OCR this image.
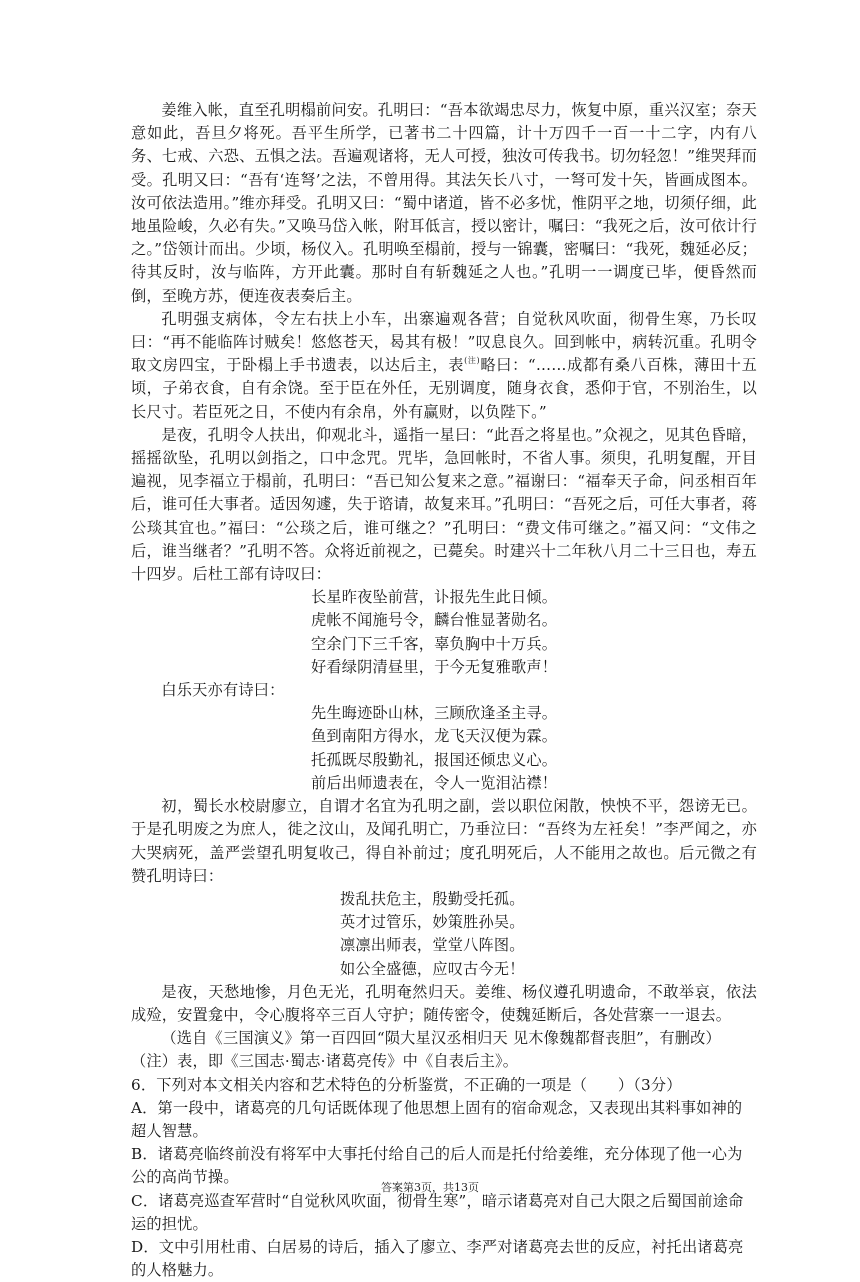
姜维入帐，直至孔明榻前问安。孔明曰：“吾本欲竭忠尽力，恢复中原，重兴汉室；奈天意如此，吾旦夕将死。吾平生所学，已著书二十四篇，计十万四千一百一十二字，内有八务、七戒、六恐、五惧之法。吾遍观诸将，无人可授，独汝可传我书。切勿轻忽！”维哭拜而受。孔明又曰：“吾有‘连弩’之法，不曾用得。其法矢长八寸，一弩可发十矢，皆画成图本。汝可依法造用。”维亦拜受。孔明又曰：“蜀中诸道，皆不必多忧，惟阴平之地，切须仔细，此地虽险峻，久必有失。”又唤马岱入帐，附耳低言，授以密计，嘱曰：“我死之后，汝可依计行之。”岱领计而出。少顷，杨仪入。孔明唤至榻前，授与一锦囊，密嘱曰：“我死，魏延必反；待其反时，汝与临阵，方开此囊。那时自有斩魏延之人也。”孔明一一调度已毕，便昏然而倒，至晚方苏，便连夜表奏后主。

孔明强支病体，令左右扶上小车，出寨遍观各营；自觉秋风吹面，彻骨生寒，乃长叹曰：“再不能临阵讨贼矣！悠悠苍天，曷其有极！”叹息良久。回到帐中，病转沉重。孔明令取文房四宝，于卧榻上手书遗表，以达后主，表$^{(注)}$略曰：“……成都有桑八百株，薄田十五顷，子弟衣食，自有余饶。至于臣在外任，无别调度，随身衣食，悉仰于官，不别治生，以长尺寸。若臣死之日，不使内有余帛，外有赢财，以负陛下。”

是夜，孔明令人扶出，仰观北斗，遥指一星曰：“此吾之将星也。”众视之，见其色昏暗，摇摇欲坠，孔明以剑指之，口中念咒。咒毕，急回帐时，不省人事。须臾，孔明复醒，开目遍视，见李福立于榻前，孔明曰：“吾已知公复来之意。”福谢曰：“福奉天子命，问丞相百年后，谁可任大事者。适因匆遽，失于谘请，故复来耳。”孔明曰：“吾死之后，可任大事者，蒋公琰其宜也。”福曰：“公琰之后，谁可继之？”孔明曰：“费文伟可继之。”福又问：“文伟之后，谁当继者？”孔明不答。众将近前视之，已薨矣。时建兴十二年秋八月二十三日也，寿五十四岁。后杜工部有诗叹曰：

长星昨夜坠前营，讣报先生此日倾。
虎帐不闻施号令，麟台惟显著勋名。
空余门下三千客，辜负胸中十万兵。
好看绿阴清昼里，于今无复雅歌声！

白乐天亦有诗曰：

先生晦迹卧山林，三顾欣逢圣主寻。
鱼到南阳方得水，龙飞天汉便为霖。
托孤既尽殷勤礼，报国还倾忠义心。
前后出师遗表在，令人一览泪沾襟！

初，蜀长水校尉廖立，自谓才名宜为孔明之副，尝以职位闲散，怏怏不平，怨谤无已。于是孔明废之为庶人，徙之汶山，及闻孔明亡，乃垂泣曰：“吾终为左衽矣！”李严闻之，亦大哭病死，盖严尝望孔明复收己，得自补前过；度孔明死后，人不能用之故也。后元微之有赞孔明诗曰：

拨乱扶危主，殷勤受托孤。
英才过管乐，妙策胜孙吴。
凛凛出师表，堂堂八阵图。
如公全盛德，应叹古今无！

是夜，天愁地惨，月色无光，孔明奄然归天。姜维、杨仪遵孔明遗命，不敢举哀，依法成殓，安置龛中，令心腹将卒三百人守护；随传密令，使魏延断后，各处营寨一一退去。

（选自《三国演义》第一百四回“陨大星汉丞相归天 见木像魏都督丧胆”，有删改）

（注）表，即《三国志·蜀志·诸葛亮传》中《自表后主》。

6．下列对本文相关内容和艺术特色的分析鉴赏，不正确的一项是（　　）（3分）

A．第一段中，诸葛亮的几句话既体现了他思想上固有的宿命观念，又表现出其料事如神的超人智慧。

B．诸葛亮临终前没有将军中大事托付给自己的后人而是托付给姜维，充分体现了他一心为公的高尚节操。

C．诸葛亮巡查军营时“自觉秋风吹面，彻骨生寒”，暗示诸葛亮对自己大限之后蜀国前途命运的担忧。

D．文中引用杜甫、白居易的诗后，插入了廖立、李严对诸葛亮去世的反应，衬托出诸葛亮的人格魅力。

答案第3页，共13页
